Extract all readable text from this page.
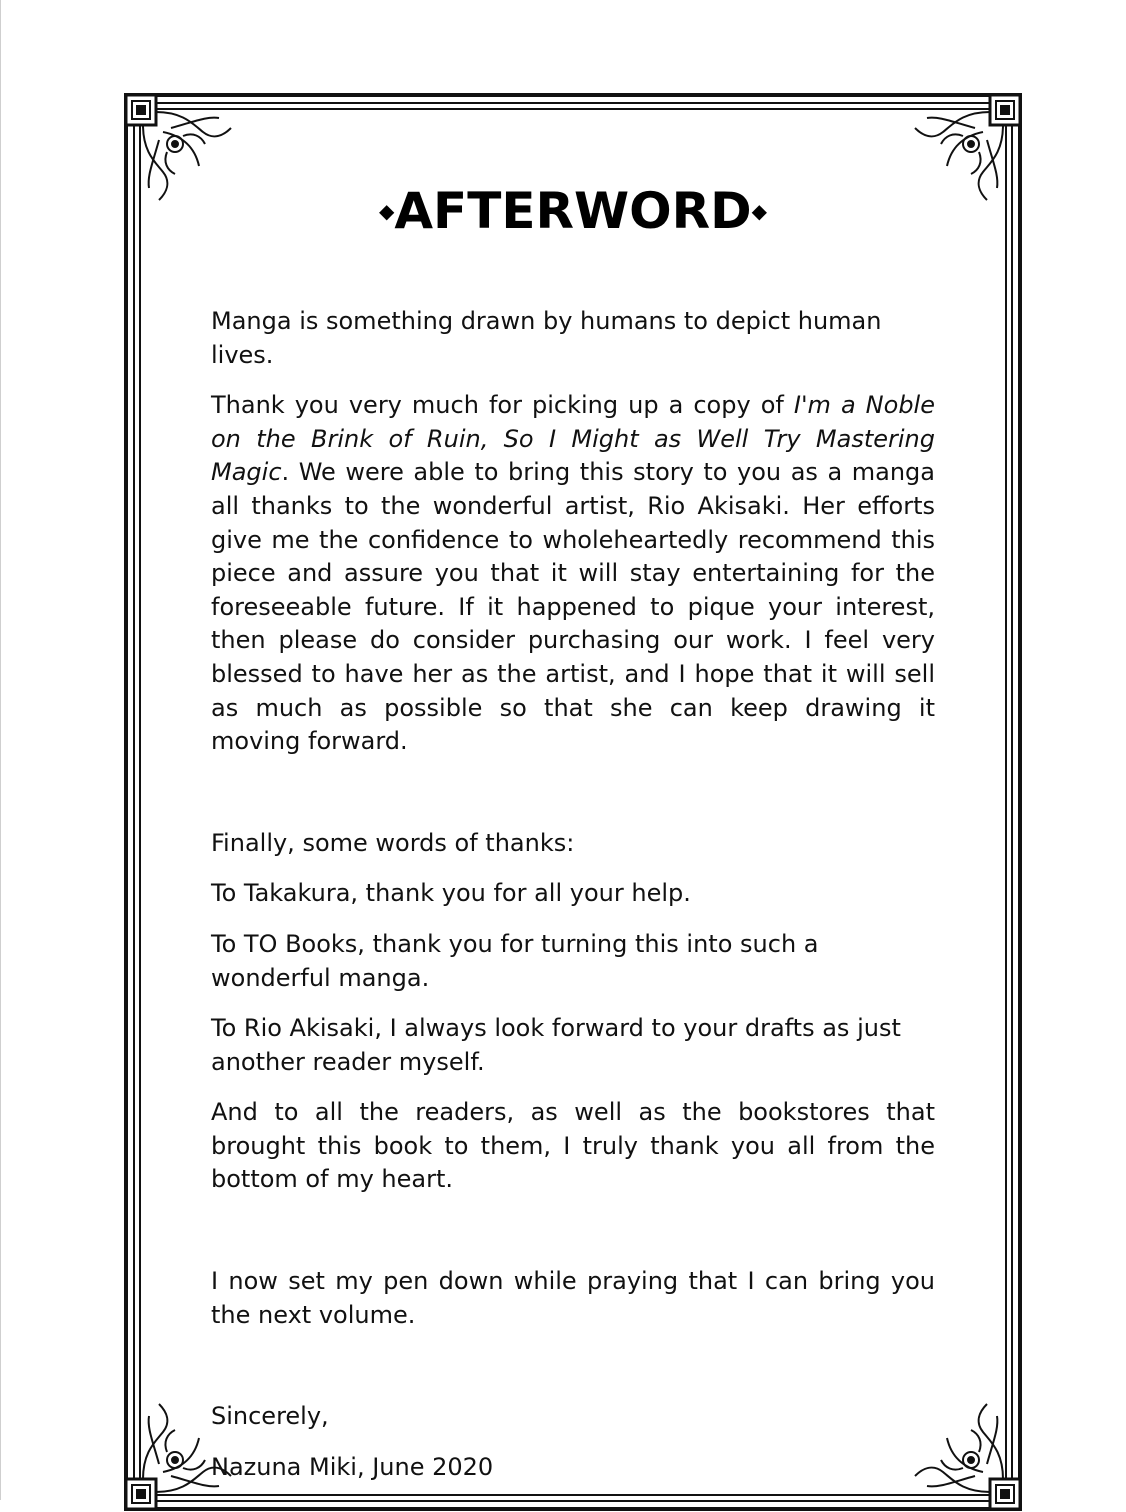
◆AFTERWORD◆

Manga is something drawn by humans to depict human lives.

Thank you very much for picking up a copy of I'm a Noble on the Brink of Ruin, So I Might as Well Try Mastering Magic. We were able to bring this story to you as a manga all thanks to the wonderful artist, Rio Akisaki. Her efforts give me the confidence to wholeheartedly recommend this piece and assure you that it will stay entertaining for the foreseeable future. If it happened to pique your interest, then please do consider purchasing our work. I feel very blessed to have her as the artist, and I hope that it will sell as much as possible so that she can keep drawing it moving forward.

Finally, some words of thanks:

To Takakura, thank you for all your help.

To TO Books, thank you for turning this into such a wonderful manga.

To Rio Akisaki, I always look forward to your drafts as just another reader myself.

And to all the readers, as well as the bookstores that brought this book to them, I truly thank you all from the bottom of my heart.

I now set my pen down while praying that I can bring you the next volume.

Sincerely,

Nazuna Miki, June 2020
